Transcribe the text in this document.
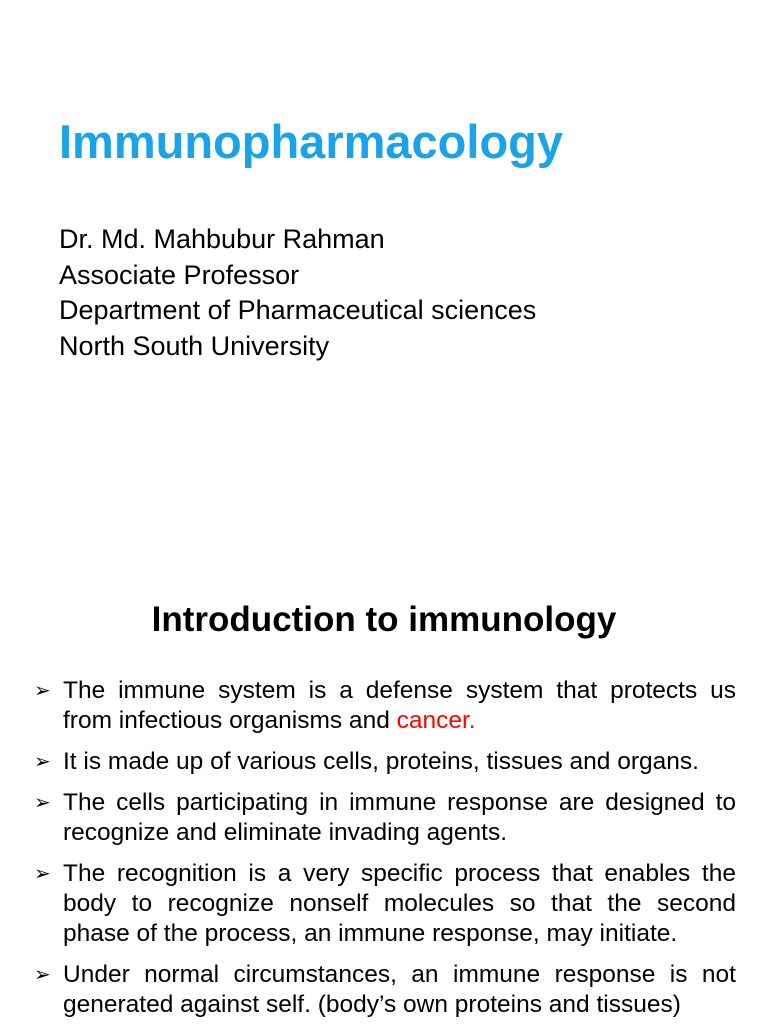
Immunopharmacology
Dr. Md. Mahbubur Rahman
Associate Professor
Department of Pharmaceutical sciences
North South University
Introduction to immunology
➢ The immune system is a defense system that protects us from infectious organisms and cancer.
➢ It is made up of various cells, proteins, tissues and organs.
➢ The cells participating in immune response are designed to recognize and eliminate invading agents.
➢ The recognition is a very specific process that enables the body to recognize nonself molecules so that the second phase of the process, an immune response, may initiate.
➢ Under normal circumstances, an immune response is not generated against self. (body’s own proteins and tissues)
